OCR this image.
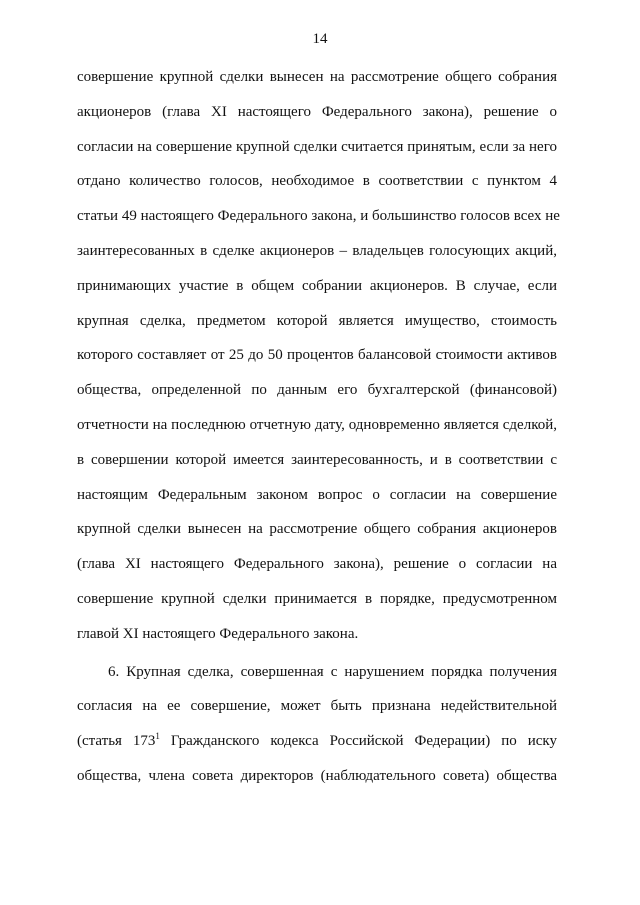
14
совершение крупной сделки вынесен на рассмотрение общего собрания
акционеров (глава XI настоящего Федерального закона), решение о
согласии на совершение крупной сделки считается принятым, если за него
отдано количество голосов, необходимое в соответствии с пунктом 4
статьи 49 настоящего Федерального закона, и большинство голосов всех не
заинтересованных в сделке акционеров – владельцев голосующих акций,
принимающих участие в общем собрании акционеров. В случае, если
крупная сделка, предметом которой является имущество, стоимость
которого составляет от 25 до 50 процентов балансовой стоимости активов
общества, определенной по данным его бухгалтерской (финансовой)
отчетности на последнюю отчетную дату, одновременно является сделкой,
в совершении которой имеется заинтересованность, и в соответствии с
настоящим Федеральным законом вопрос о согласии на совершение
крупной сделки вынесен на рассмотрение общего собрания акционеров
(глава XI настоящего Федерального закона), решение о согласии на
совершение крупной сделки принимается в порядке, предусмотренном
главой XI настоящего Федерального закона.
6. Крупная сделка, совершенная с нарушением порядка получения
согласия на ее совершение, может быть признана недействительной
(статья $173^1$ Гражданского кодекса Российской Федерации) по иску
общества, члена совета директоров (наблюдательного совета) общества
